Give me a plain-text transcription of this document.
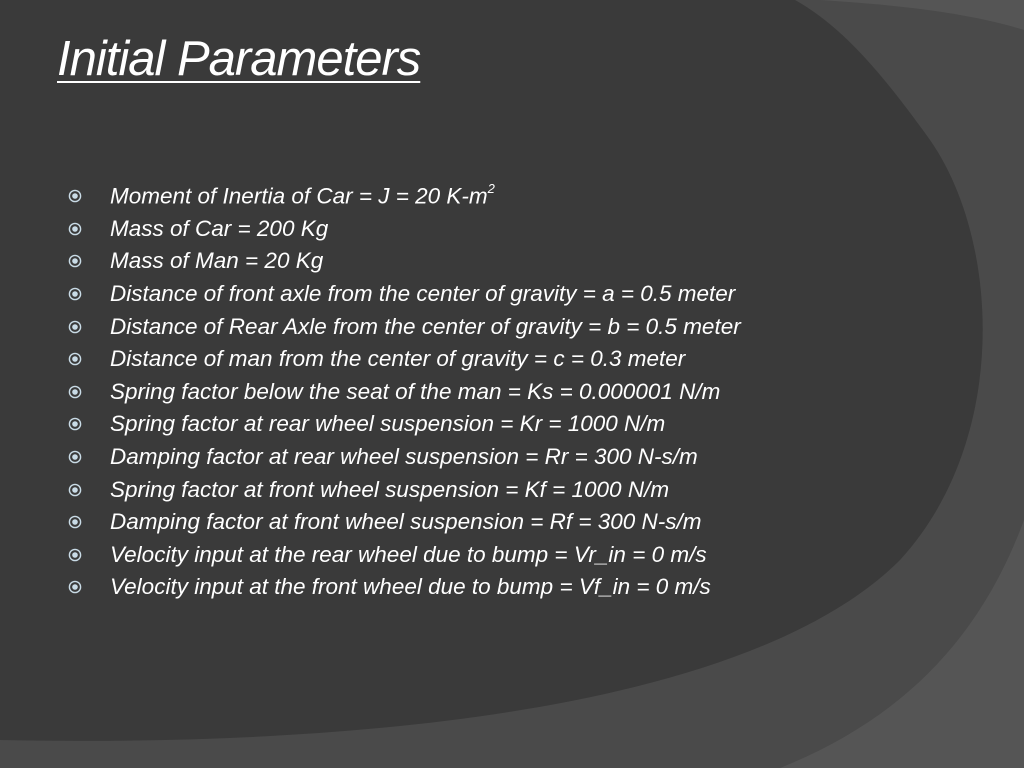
Initial Parameters
Moment of Inertia of Car = J = 20 $K-m^2$
Mass of Car = 200 Kg
Mass of Man = 20 Kg
Distance of front axle from the center of gravity = a = 0.5 meter
Distance of Rear Axle from the center of gravity = b = 0.5 meter
Distance of man from the center of gravity = c = 0.3 meter
Spring factor below the seat of the man = Ks = 0.000001 N/m
Spring factor at rear wheel suspension = Kr = 1000 N/m
Damping factor at rear wheel suspension = Rr = 300 N-s/m
Spring factor at front wheel suspension = Kf = 1000 N/m
Damping factor at front wheel suspension = Rf = 300 N-s/m
Velocity input at the rear wheel due to bump = Vr_in = 0 m/s
Velocity input at the front wheel due to bump = Vf_in = 0 m/s
